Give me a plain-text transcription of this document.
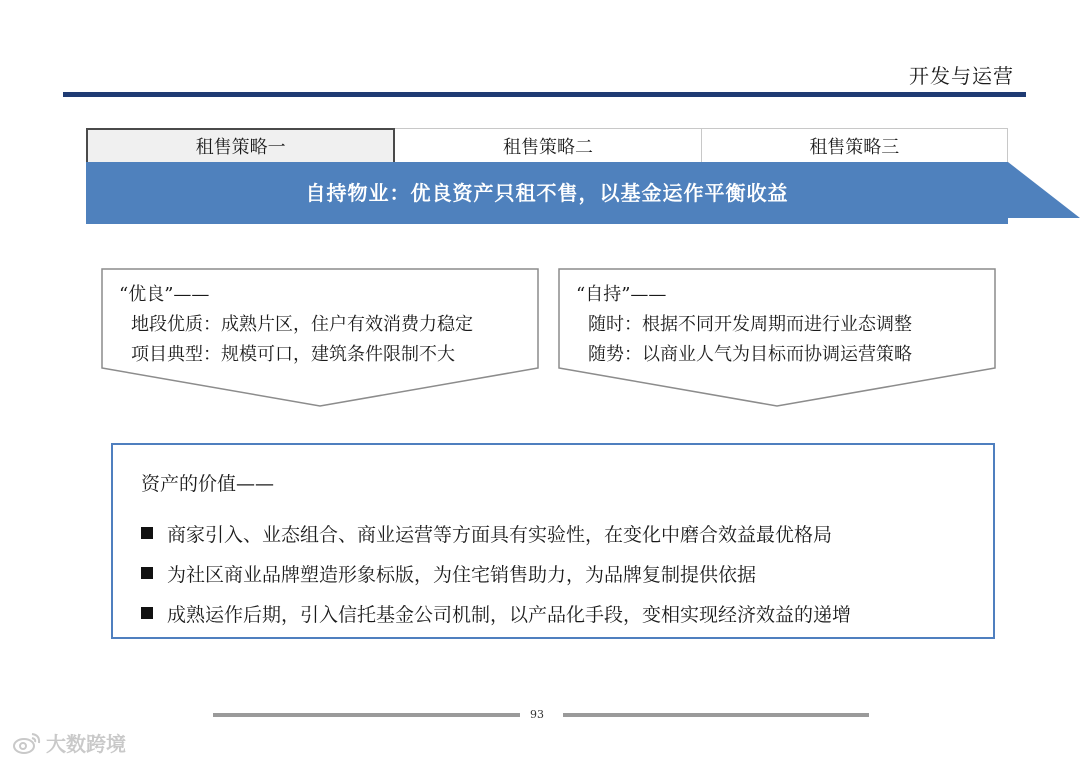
开发与运营
租售策略一	租售策略二	租售策略三
自持物业：优良资产只租不售，以基金运作平衡收益
“优良”——
地段优质：成熟片区，住户有效消费力稳定
项目典型：规模可口，建筑条件限制不大
“自持”——
随时：根据不同开发周期而进行业态调整
随势：以商业人气为目标而协调运营策略
资产的价值——
商家引入、业态组合、商业运营等方面具有实验性，在变化中磨合效益最优格局
为社区商业品牌塑造形象标版，为住宅销售助力，为品牌复制提供依据
成熟运作后期，引入信托基金公司机制，以产品化手段，变相实现经济效益的递增
93
大数跨境
